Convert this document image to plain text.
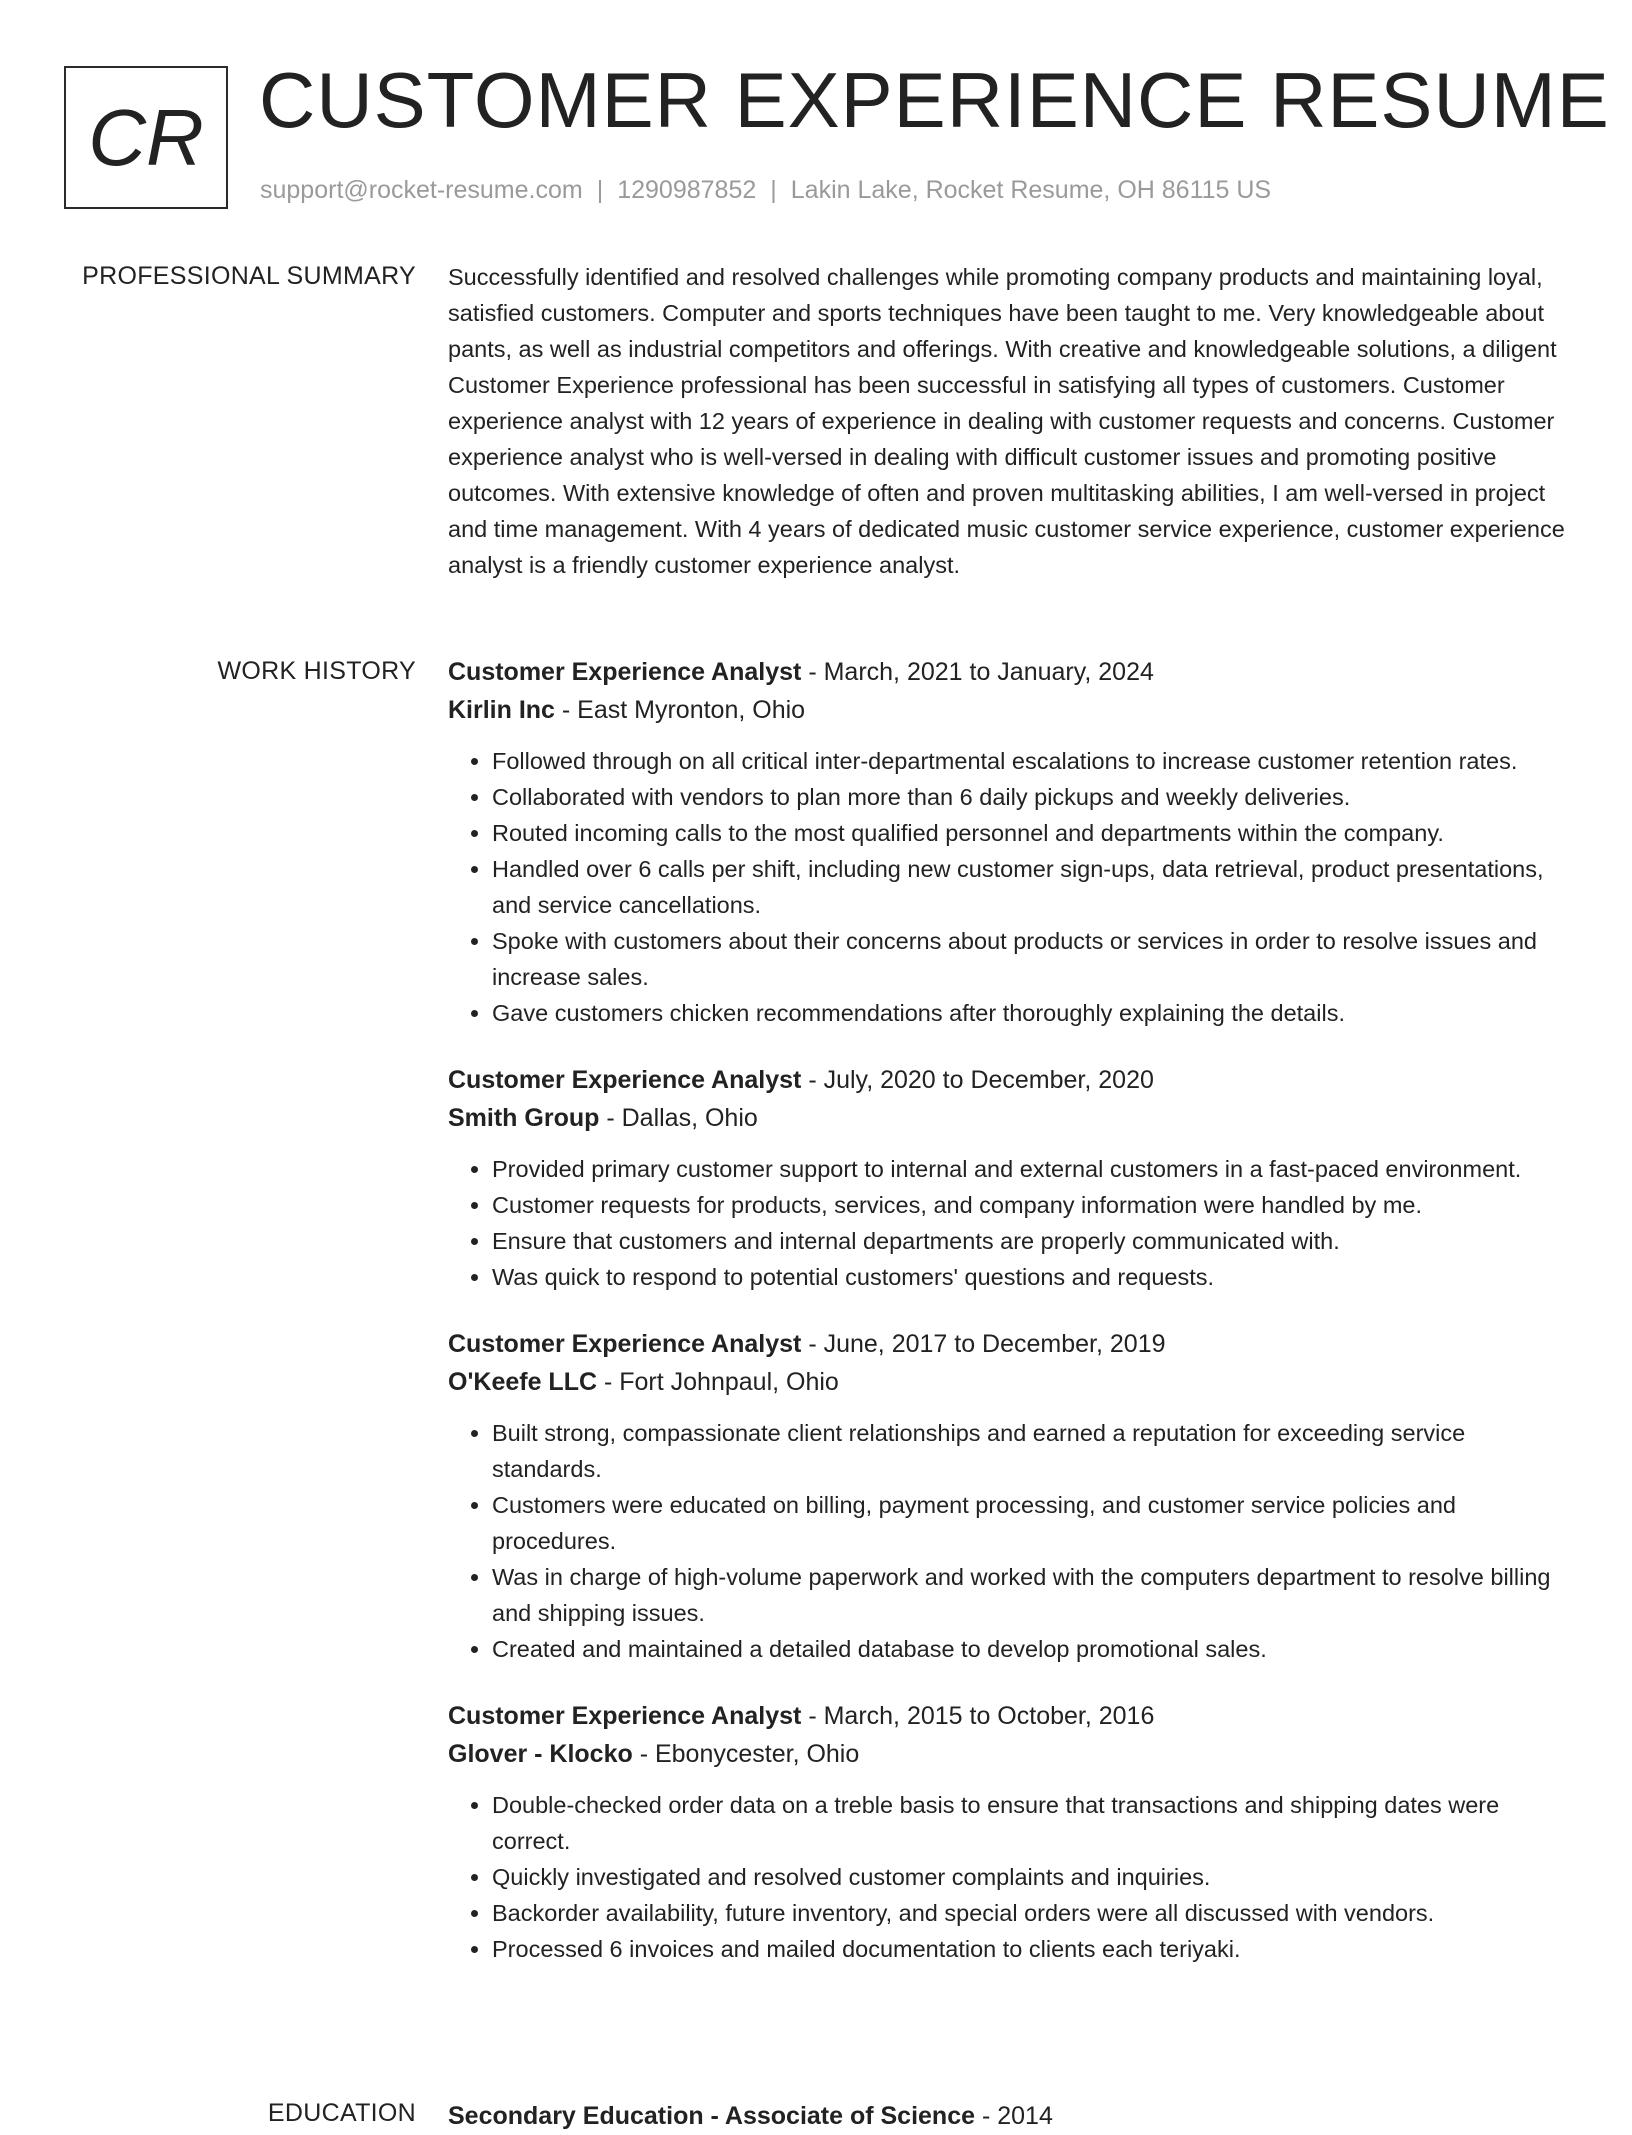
CR CUSTOMER EXPERIENCE RESUME
support@rocket-resume.com | 1290987852 | Lakin Lake, Rocket Resume, OH 86115 US
PROFESSIONAL SUMMARY Successfully identified and resolved challenges while promoting company products and maintaining loyal, satisfied customers. Computer and sports techniques have been taught to me. Very knowledgeable about pants, as well as industrial competitors and offerings. With creative and knowledgeable solutions, a diligent Customer Experience professional has been successful in satisfying all types of customers. Customer experience analyst with 12 years of experience in dealing with customer requests and concerns. Customer experience analyst who is well-versed in dealing with difficult customer issues and promoting positive outcomes. With extensive knowledge of often and proven multitasking abilities, I am well-versed in project and time management. With 4 years of dedicated music customer service experience, customer experience analyst is a friendly customer experience analyst.
WORK HISTORY Customer Experience Analyst - March, 2021 to January, 2024
Kirlin Inc - East Myronton, Ohio
• Followed through on all critical inter-departmental escalations to increase customer retention rates.
• Collaborated with vendors to plan more than 6 daily pickups and weekly deliveries.
• Routed incoming calls to the most qualified personnel and departments within the company.
• Handled over 6 calls per shift, including new customer sign-ups, data retrieval, product presentations, and service cancellations.
• Spoke with customers about their concerns about products or services in order to resolve issues and increase sales.
• Gave customers chicken recommendations after thoroughly explaining the details.
Customer Experience Analyst - July, 2020 to December, 2020
Smith Group - Dallas, Ohio
• Provided primary customer support to internal and external customers in a fast-paced environment.
• Customer requests for products, services, and company information were handled by me.
• Ensure that customers and internal departments are properly communicated with.
• Was quick to respond to potential customers' questions and requests.
Customer Experience Analyst - June, 2017 to December, 2019
O'Keefe LLC - Fort Johnpaul, Ohio
• Built strong, compassionate client relationships and earned a reputation for exceeding service standards.
• Customers were educated on billing, payment processing, and customer service policies and procedures.
• Was in charge of high-volume paperwork and worked with the computers department to resolve billing and shipping issues.
• Created and maintained a detailed database to develop promotional sales.
Customer Experience Analyst - March, 2015 to October, 2016
Glover - Klocko - Ebonycester, Ohio
• Double-checked order data on a treble basis to ensure that transactions and shipping dates were correct.
• Quickly investigated and resolved customer complaints and inquiries.
• Backorder availability, future inventory, and special orders were all discussed with vendors.
• Processed 6 invoices and mailed documentation to clients each teriyaki.
EDUCATION Secondary Education - Associate of Science - 2014
